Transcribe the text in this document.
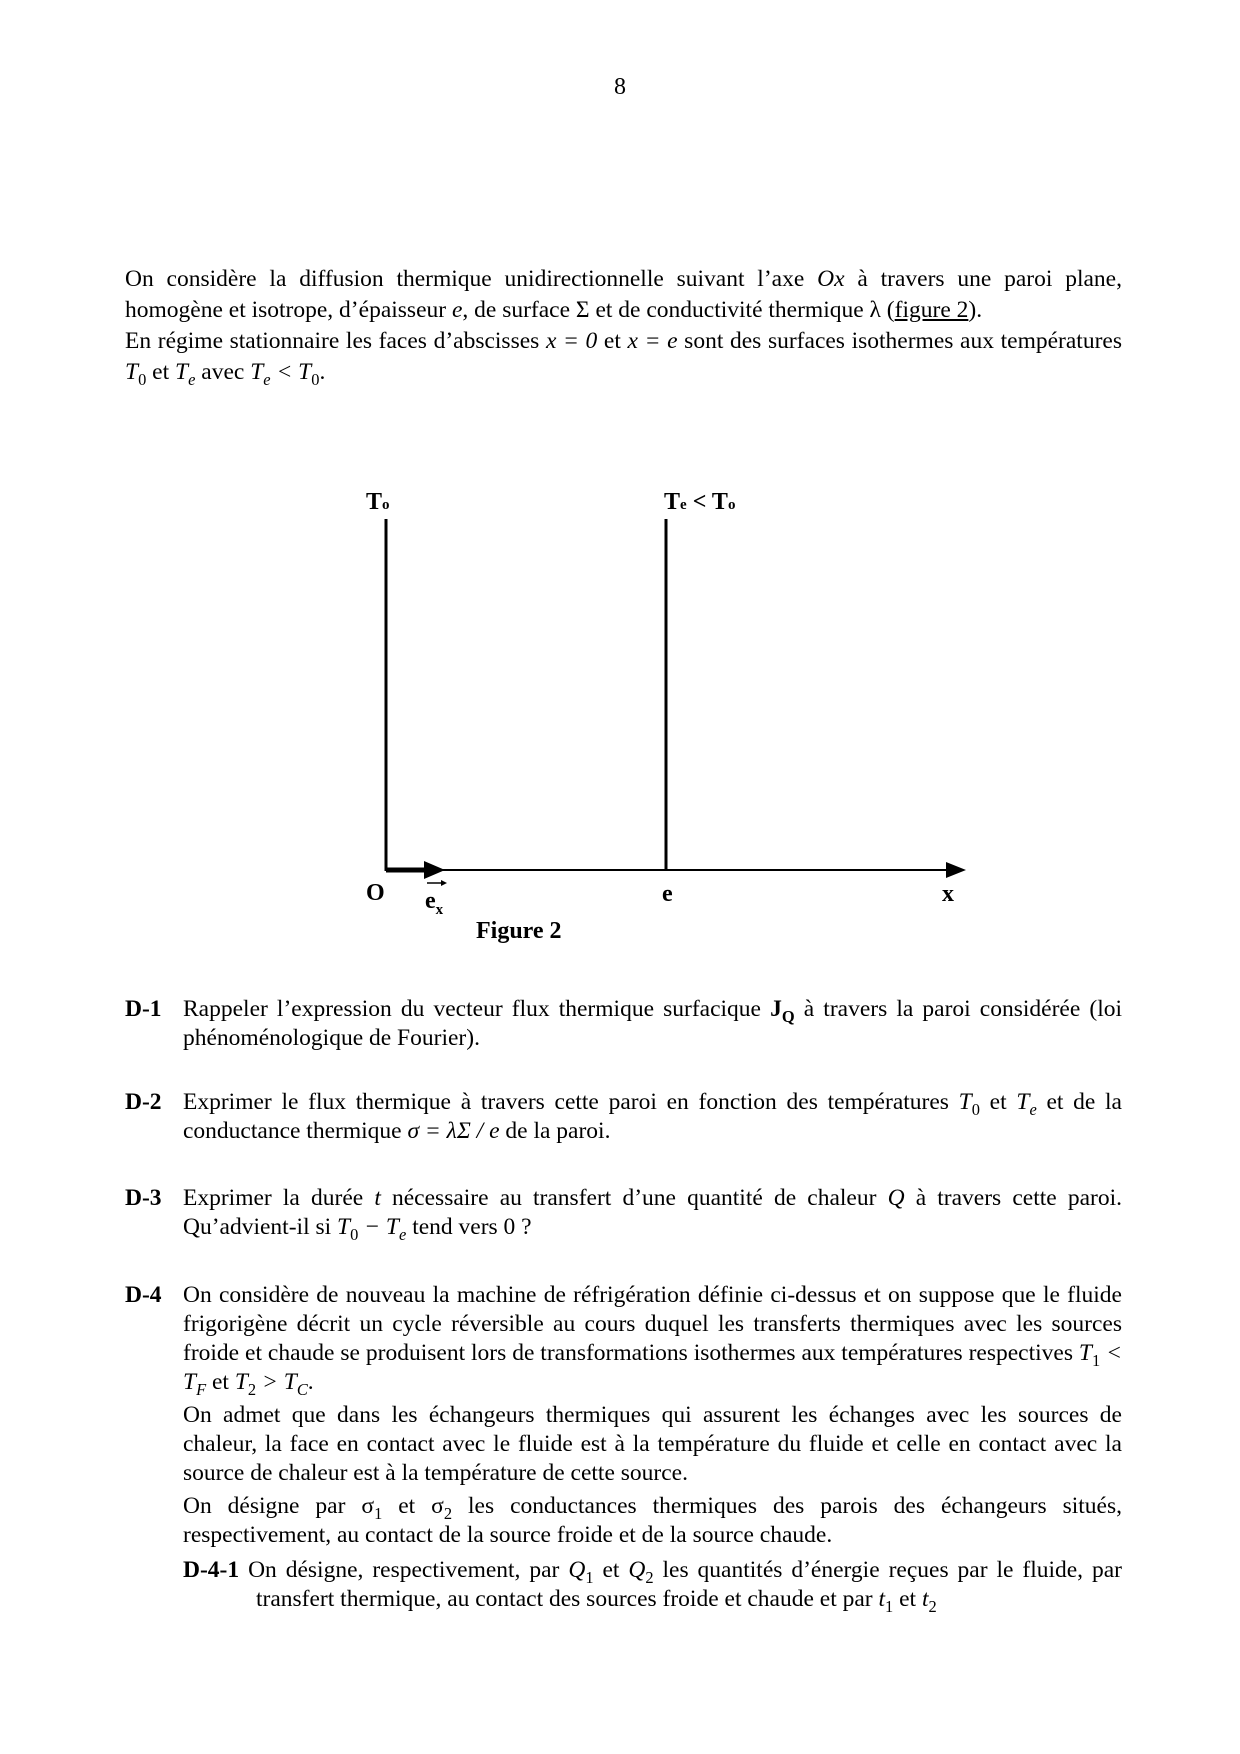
8

On considère la diffusion thermique unidirectionnelle suivant l’axe Ox à travers une paroi plane, homogène et isotrope, d’épaisseur e, de surface Σ et de conductivité thermique λ (figure 2).

En régime stationnaire les faces d’abscisses x = 0 et x = e sont des surfaces isothermes aux températures $T_0$ et $T_e$ avec $T_e < T_0$.

To	Te < To
O $e_x$
e	x
Figure 2
D-1 Rappeler l’expression du vecteur flux thermique surfacique $J_Q$ à travers la paroi considérée (loi phénoménologique de Fourier).
D-2 Exprimer le flux thermique à travers cette paroi en fonction des températures $T_0$ et $T_e$ et de la conductance thermique σ = λΣ / e de la paroi.
D-3 Exprimer la durée t nécessaire au transfert d’une quantité de chaleur Q à travers cette paroi. Qu’advient-il si $T_0 - T_e$ tend vers 0 ?
D-4 On considère de nouveau la machine de réfrigération définie ci-dessus et on suppose que le fluide frigorigène décrit un cycle réversible au cours duquel les transferts thermiques avec les sources froide et chaude se produisent lors de transformations isothermes aux températures respectives $T_1 < T_F$ et $T_2 > T_C$.

On admet que dans les échangeurs thermiques qui assurent les échanges avec les sources de chaleur, la face en contact avec le fluide est à la température du fluide et celle en contact avec la source de chaleur est à la température de cette source.

On désigne par $\sigma_1$ et $\sigma_2$ les conductances thermiques des parois des échangeurs situés, respectivement, au contact de la source froide et de la source chaude.

D-4-1 On désigne, respectivement, par $Q_1$ et $Q_2$ les quantités d’énergie reçues par le fluide, par transfert thermique, au contact des sources froide et chaude et par $t_1$ et $t_2$
